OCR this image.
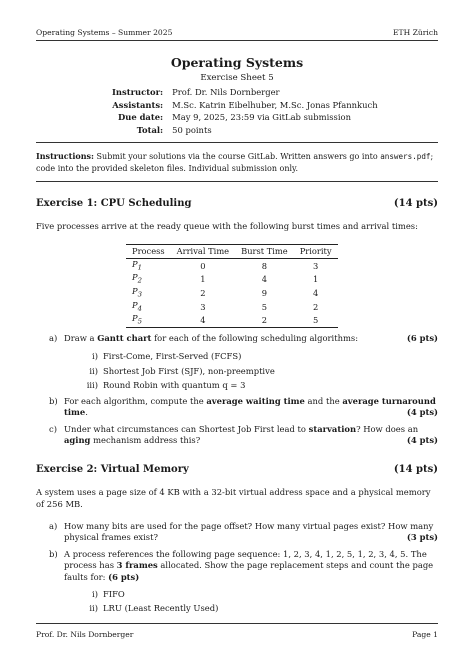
Operating Systems – Summer 2025	ETH Zürich
Operating Systems
Exercise Sheet 5
Instructor:	Prof. Dr. Nils Dornberger
Assistants:	M.Sc. Katrin Eibelhuber, M.Sc. Jonas Pfannkuch
Due date:	May 9, 2025, 23:59 via GitLab submission
Total:	50 points
Instructions: Submit your solutions via the course GitLab. Written answers go into answers.pdf; code into the provided skeleton files. Individual submission only.
Exercise 1: CPU Scheduling	(14 pts)
Five processes arrive at the ready queue with the following burst times and arrival times:
Process	Arrival Time	Burst Time	Priority
$P_1$	0	8	3
$P_2$	1	4	1
$P_3$	2	9	4
$P_4$	3	5	2
$P_5$	4	2	5
a)	(6 pts)
Draw a Gantt chart for each of the following scheduling algorithms:
i) First-Come, First-Served (FCFS)
ii) Shortest Job First (SJF), non-preemptive
iii) Round Robin with quantum q = 3
b) For each algorithm, compute the average waiting time and the average turnaround time.	(4 pts)
c) Under what circumstances can Shortest Job First lead to starvation? How does an aging mechanism address this?	(4 pts)
Exercise 2: Virtual Memory	(14 pts)
A system uses a page size of 4 KB with a 32-bit virtual address space and a physical memory of 256 MB.
a) How many bits are used for the page offset? How many virtual pages exist? How many physical frames exist?	(3 pts)
b) A process references the following page sequence: 1, 2, 3, 4, 1, 2, 5, 1, 2, 3, 4, 5. The process has 3 frames allocated. Show the page replacement steps and count the page faults for: (6 pts)
i) FIFO
ii) LRU (Least Recently Used)
Prof. Dr. Nils Dornberger	Page 1
